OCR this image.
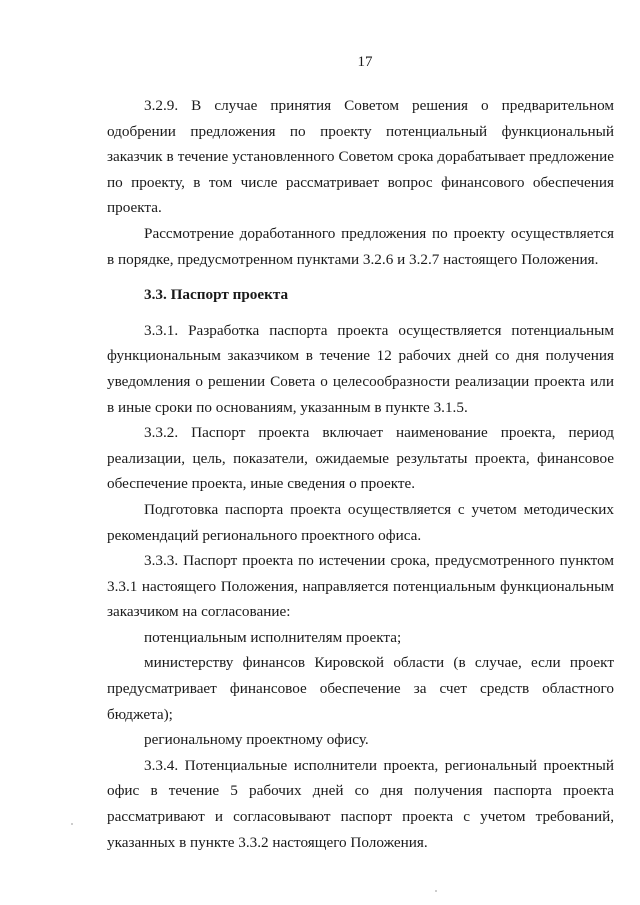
17

3.2.9. В случае принятия Советом решения о предварительном одобрении предложения по проекту потенциальный функциональный заказчик в течение установленного Советом срока дорабатывает предложение по проекту, в том числе рассматривает вопрос финансового обеспечения проекта.

Рассмотрение доработанного предложения по проекту осуществляется в порядке, предусмотренном пунктами 3.2.6 и 3.2.7 настоящего Положения.

3.3. Паспорт проекта

3.3.1. Разработка паспорта проекта осуществляется потенциальным функциональным заказчиком в течение 12 рабочих дней со дня получения уведомления о решении Совета о целесообразности реализации проекта или в иные сроки по основаниям, указанным в пункте 3.1.5.

3.3.2. Паспорт проекта включает наименование проекта, период реализации, цель, показатели, ожидаемые результаты проекта, финансовое обеспечение проекта, иные сведения о проекте.

Подготовка паспорта проекта осуществляется с учетом методических рекомендаций регионального проектного офиса.

3.3.3. Паспорт проекта по истечении срока, предусмотренного пунктом 3.3.1 настоящего Положения, направляется потенциальным функциональным заказчиком на согласование:

потенциальным исполнителям проекта;

министерству финансов Кировской области (в случае, если проект предусматривает финансовое обеспечение за счет средств областного бюджета);

региональному проектному офису.

3.3.4. Потенциальные исполнители проекта, региональный проектный офис в течение 5 рабочих дней со дня получения паспорта проекта рассматривают и согласовывают паспорт проекта с учетом требований, указанных в пункте 3.3.2 настоящего Положения.
